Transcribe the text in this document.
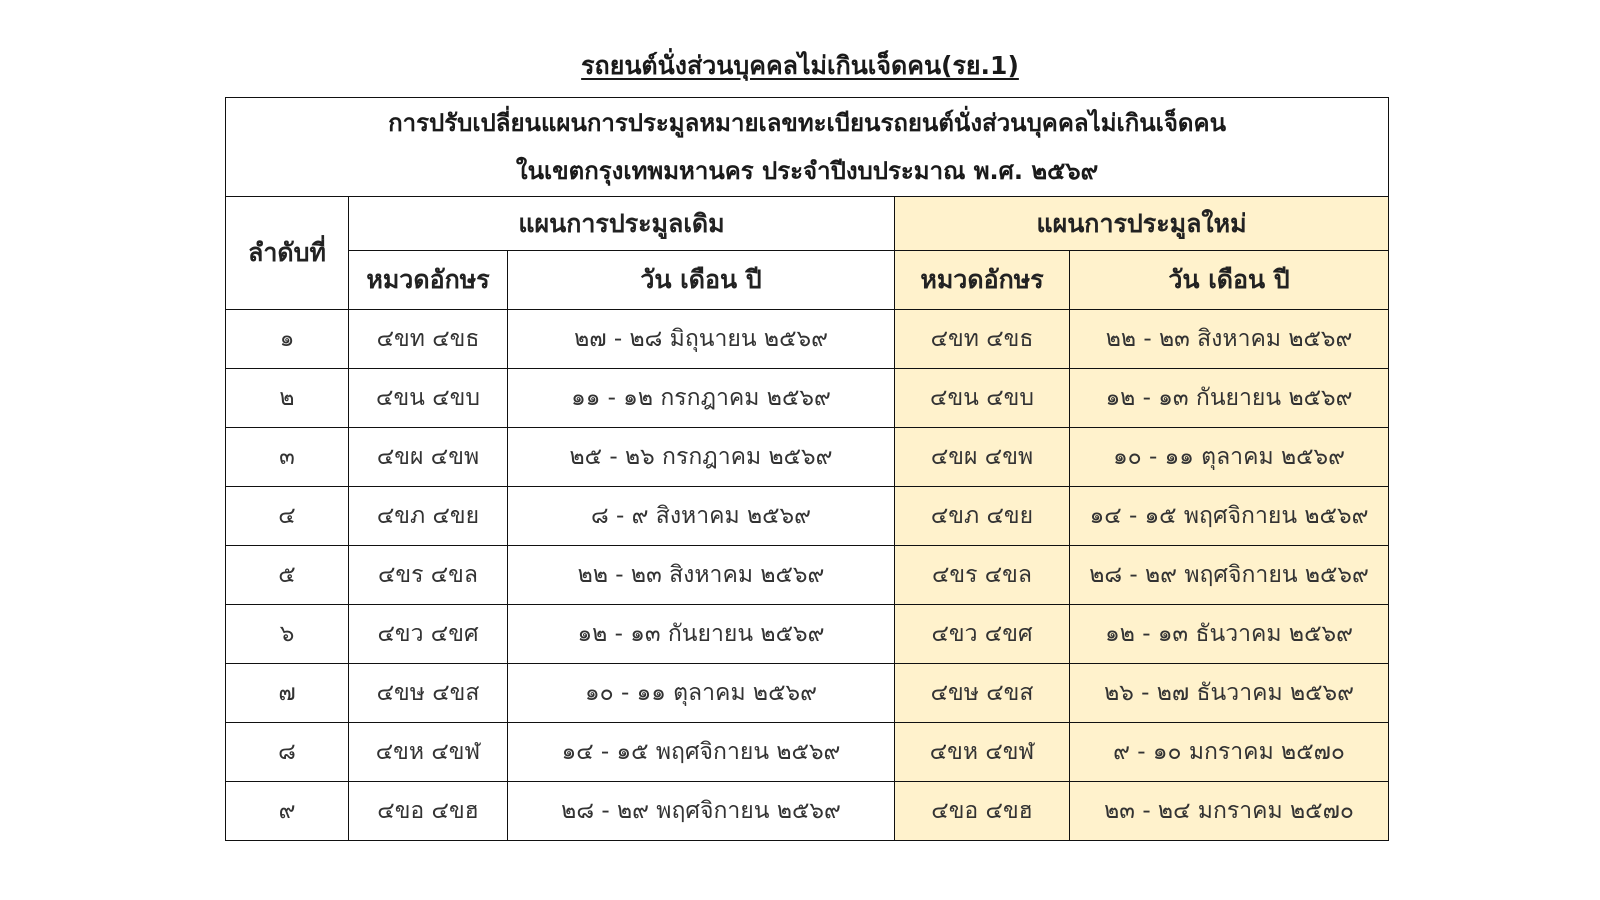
รถยนต์นั่งส่วนบุคคลไม่เกินเจ็ดคน(รย.1)
การปรับเปลี่ยนแผนการประมูลหมายเลขทะเบียนรถยนต์นั่งส่วนบุคคลไม่เกินเจ็ดคน
ในเขตกรุงเทพมหานคร ประจำปีงบประมาณ พ.ศ. ๒๕๖๙				

ลำดับที่	แผนการประมูลเดิม		แผนการประมูลใหม่	
	หมวดอักษร	วัน เดือน ปี	หมวดอักษร	วัน เดือน ปี
๑	๔ขท ๔ขธ	๒๗ - ๒๘ มิถุนายน ๒๕๖๙	๔ขท ๔ขธ	๒๒ - ๒๓ สิงหาคม ๒๕๖๙
๒	๔ขน ๔ขบ	๑๑ - ๑๒ กรกฎาคม ๒๕๖๙	๔ขน ๔ขบ	๑๒ - ๑๓ กันยายน ๒๕๖๙
๓	๔ขผ ๔ขพ	๒๕ - ๒๖ กรกฎาคม ๒๕๖๙	๔ขผ ๔ขพ	๑๐ - ๑๑ ตุลาคม ๒๕๖๙
๔	๔ขภ ๔ขย	๘ - ๙ สิงหาคม ๒๕๖๙	๔ขภ ๔ขย	๑๔ - ๑๕ พฤศจิกายน ๒๕๖๙
๕	๔ขร ๔ขล	๒๒ - ๒๓ สิงหาคม ๒๕๖๙	๔ขร ๔ขล	๒๘ - ๒๙ พฤศจิกายน ๒๕๖๙
๖	๔ขว ๔ขศ	๑๒ - ๑๓ กันยายน ๒๕๖๙	๔ขว ๔ขศ	๑๒ - ๑๓ ธันวาคม ๒๕๖๙
๗	๔ขษ ๔ขส	๑๐ - ๑๑ ตุลาคม ๒๕๖๙	๔ขษ ๔ขส	๒๖ - ๒๗ ธันวาคม ๒๕๖๙
๘	๔ขห ๔ขฬ	๑๔ - ๑๕ พฤศจิกายน ๒๕๖๙	๔ขห ๔ขฬ	๙ - ๑๐ มกราคม ๒๕๗๐
๙	๔ขอ ๔ขฮ	๒๘ - ๒๙ พฤศจิกายน ๒๕๖๙	๔ขอ ๔ขฮ	๒๓ - ๒๔ มกราคม ๒๕๗๐
